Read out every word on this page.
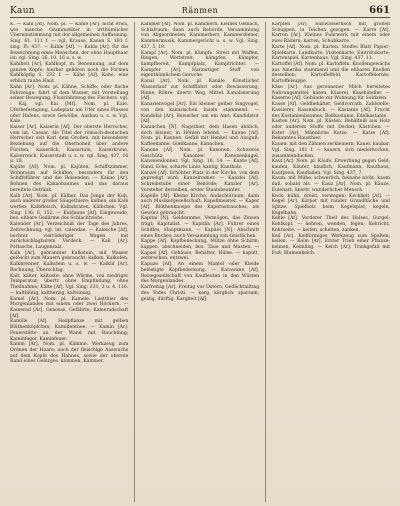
Kaun	Ränmen	661

K. — Kahl [Af]. Nom. pl. — Kahle [Ar]. nicht etwa, wie manche Grammatiker in irrthümlicher Übereinstimmung mit der allgemeinen Auffassung, Sing. 61. 111 f. — vgl. Krause, Kauen S. 181 f. sing. Pl. 437. — Kahle [Af]. — Kahle [Ar]. für die Bezeichnung eines Menschen, der ohne Haupthaar ist: vgl. Sing. 36, 10, 16 u. s. w.

Kahlheit [Ar]. Kahlkopf, m. Benennung, auf dem ganzen Kopfe; hierher gehören noch die Formen Kahlköpfig S. 232 f. — Kähe [Af]. Kahe, eine erblich rauhe Haut.

Kahn [Ar]. Nom. pl. Kähne, Schiffe, oder flache Fahrzeuge: fahrt uf dem Wasser, mit Vorstellung seiner Bewegung, Flussfahrzeug des Fischers. vgl. ⸗ Kaj, vgl. Kai [Mf]. Nom. pl. Kaie. Uferbefestigung, Ladeplatz am Ufer eines Flusses oder Hafens, sowie Gewölbe, Ausbau u. s. w. Vgl. Kaie.

Kaiser [Ar]. Kaiserin [Af]. Der oberste Herrscher, vom lat. Caesar. Als Titel der römisch-deutschen Herrscher seit Karl dem Großen, mit besonderer Beziehung auf die Oberhoheit über andere Fürsten; kaiserlich, Kaisertum, Kaiserkrone, Kaiserreich, Kaiserstadt u. s. w. vgl. Sing. 437, 16 u. 18.

Kajüte [Af]. Nom. pl. Kajüten, Schiffszimmer, Wohnraum auf Schiffen, besonders für den Schiffsführer und die Reisenden. — Kakao [Ar]. Bohnen des Kakaobaumes und das daraus bereitete Getränk.

Kalb [Ar]. Nom. pl. Kälber. Das Junge der Kuh, auch anderer großer Säugethiere; kalben, ein Kalb werfen; Kalbfleisch, Kalbsbraten, Kälbchen. Vgl. Sing. 136, 6, 152. — Kaldaune [Af]. Eingeweide, bes. eßbare Gedärme des Schlachtviehs.

Kalender [Ar]. Verzeichniß der Tage des Jahres, Zeitrechnung; vgl. lat. calendae. — Kalesche [Af]. leichter vierräderiger Wagen mit zurückschlagbarem Verdeck. — Kali [Ar]. Pottasche, Laugensalz.

Kalk [Ar]. gebrannter Kalkstein, mit Wasser gelöscht zum Mauern gebraucht; kalken, Kalkofen, Kalkbrenner, Kalkstein u. s. w. — Kalkül [Ar]. Rechnung, Überschlag.

Kalt, kälter, kälteste: ohne Wärme, von niedriger Temperatur; übertr. ohne Empfindung, ohne Theilnahme; Kälte [Af]. Vgl. Sing. 231, 3 u. 4. 116. — kaltblütig, kaltherzig, kaltsinnig.

Kamel [Ar]. Nom. pl. Kamele. Lastthier des Morgenlandes mit einem oder zwei Höckern. — Kamerad [Ar]. Genosse, Gefährte; Kameradschaft [Af].

Kamille [Af]. Heilpflanze mit gelben Blüthenköpfchen; Kamillenthee. — Kamin [Ar]. Feuerstätte an der Wand mit Rauchfang; Kaminfeger, Kaminfeuer.

Kamm [Ar]. Nom. pl. Kämme. Werkzeug zum Ordnen der Haare; auch der fleischige Auswuchs auf dem Kopfe des Hahnes, sowie der oberste Rand eines Gebirges. kämmen, Kämmer.

Kammer [Af]. Nom. pl. Kammern. Kleines Gemach, Schlafraum; dann auch Behörde, Versammlung von Abgeordneten; Kammerherr, Kammerdiener, Kammermusik, Kammergericht u. s. w. Vgl. Sing. 437, 5, 19.

Kampf [Ar]. Nom. pl. Kämpfe. Streit mit Waffen, Ringen, Wettstreit; kämpfen, Kämpfer, kampfbereit, Kampfplatz, Kampfrichter. — Kampfer [Ar]. Harzartiger Stoff von eigenthümlichem Geruche.

Kanal [Ar]. Nom. pl. Kanäle. Künstlicher Wasserlauf zur Schifffahrt oder Bewässerung; Rinne, Röhre; übertr. Weg, Mittel. Kanalisierung [Af].

Kanarienvogel [Ar]. Ein kleiner gelber Singvogel, von den kanarischen Inseln stammend. — Kandidat [Ar]. Bewerber um ein Amt; Kandidatur [Af].

Kaninchen [N]. Nagethier, dem Hasen ähnlich, doch kleiner, in Höhlen lebend. — Kanne [Af]. Nom. pl. Kannen. Gefäß mit Henkel und Ausguß; Kaffeekanne, Gießkanne, Kännchen.

Kanone [Af]. Nom. pl. Kanonen. Schweres Geschütz; Kanonier, Kanonenkugel, Kanonendonner. Vgl. Sing. 16, 14. — Kante [Af]. Rand, Ecke, scharfe Linie; kantig, Kantholz.

Kanzel [Af]. Erhöhter Platz in der Kirche, von dem gepredigt wird; Kanzelredner. — Kanzlei [Af]. Schreibstube einer Behörde; Kanzler [Ar]. Vorsteher derselben, erster Staatsbeamter.

Kapelle [Af]. Kleine Kirche, Andachtsraum; dann auch Musikergesellschaft; Kapellmeister. — Kaper [Af]. Blüthenknospe des Kapernstrauches, als Gewürz gebraucht.

Kapital [N]. Geldsumme, Vermögen, das Zinsen trägt; Kapitalist. — Kapitän [Ar]. Führer eines Schiffes, Hauptmann. — Kapitel [N]. Abschnitt eines Buches; auch Versammlung von Geistlichen.

Kappe [Af]. Kopfbedeckung, Mütze ohne Schirm; kappen, abschneiden, bes. Taue und Masten. — Kapsel [Af]. Gehäuse, Behälter, Hülse. — kaputt, zerbrochen, entzwei.

Kapuze [Af]. An einem Mantel oder Kleide befestigte Kopfbedeckung. — Karawane [Af]. Reisegesellschaft von Kaufleuten in den Wüsten des Morgenlandes.

Karfreitag [Ar]. Freitag vor Ostern, Gedächtnißtag des Todes Christi. — karg, kärglich: sparsam, geizig, dürftig; Kargheit [Af].

Karpfen [Ar]. Süßwasserfisch mit großen Schuppen, in Teichen gezogen. — Karre [Af]. Karren [Ar]. Kleines Fuhrwerk mit einem oder zwei Rädern; karren, Schubkarre.

Karte [Af]. Nom. pl. Karten. Steifes Blatt Papier; Spielkarte, Landkarte, Visitenkarte, Eintrittskarte; Kartenspiel, Kartenhaus. Vgl. Sing. 437, 11.

Kartoffel [Af]. Nom. pl. Kartoffeln. Knollengewächs aus Amerika stammend und die eßbaren Knollen desselben; Kartoffelfeld, Kartoffelernte, Kartoffelsuppe.

Käse [Ar]. Aus geronnener Milch bereitetes Nahrungsmittel; käsen, Käserei, Käsehändler. — Kaserne [Af]. Gebäude zur Wohnung für Soldaten.

Kasse [Af]. Geldbehälter, Geldvorrath, Zahlstelle; Kassierer, Kassenbuch. — Kastanie [Af]. Frucht des Kastanienbaumes; Roßkastanie, Edelkastanie.

Kasten [Ar]. Nom. pl. Kästen. Behältniß aus Holz oder anderem Stoffe mit Deckel; Kästchen. — Kater [Ar]. Männliche Katze. — Katze [Af]. Bekanntes Hausthier.

Kauen: mit den Zähnen zerkleinern; Kauer, kaubar. Vgl. Sing. 181 f. — kauern, sich niederhocken, zusammenducken.

Kauf [Ar]. Nom. pl. Käufe. Erwerbung gegen Geld; kaufen, Käufer, käuflich, Kaufmann, Kaufhaus, Kaufpreis, Kaufladen. Vgl. Sing. 437, 7.

Kaum: mit Mühe, schwerlich, beinahe nicht; kaum daß, sobald als. — Kauz [Ar]. Nom. pl. Käuze. Eulenart; übertr. wunderlicher Mensch.

Keck: kühn, dreist, verwegen; Keckheit [Af]. — Kegel [Ar]. Körper mit runder Grundfläche und Spitze; Spielholz beim Kegelspiel; kegeln, Kegelbahn.

Kehle [Af]. Vorderer Theil des Halses, Gurgel; Kehlkopf. — kehren, wenden, fegen; Kehricht, Kehrseite. — keifen, schelten, zanken.

Keil [Ar]. Keilförmiges Werkzeug zum Spalten; keilen. — Keim [Ar]. Erster Trieb einer Pflanze; keimen, Keimling. — Kelch [Ar]. Trinkgefäß mit Fuß; Blumenkelch.
